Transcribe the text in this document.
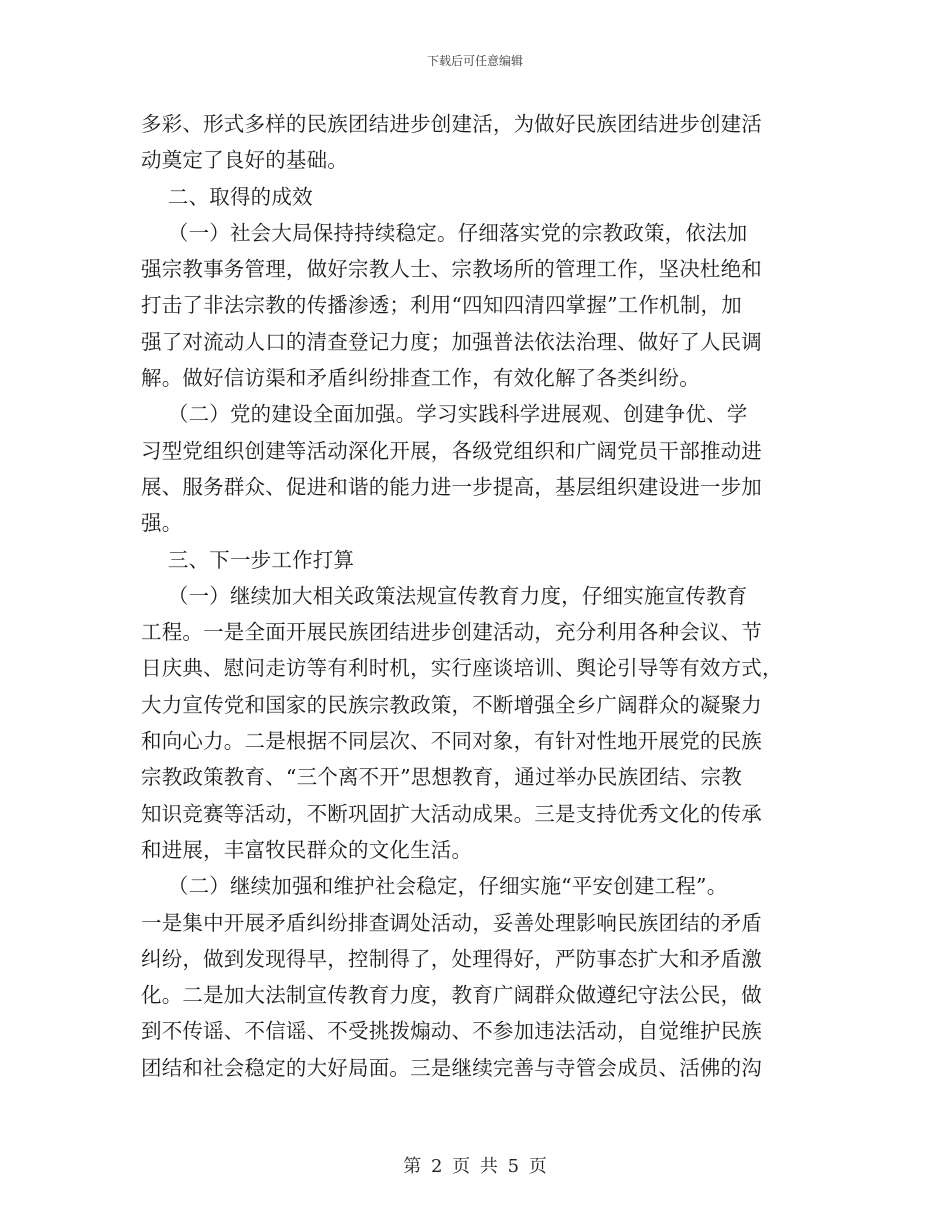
下载后可任意编辑
多彩、形式多样的民族团结进步创建活，为做好民族团结进步创建活
动奠定了良好的基础。
二、取得的成效
（一）社会大局保持持续稳定。仔细落实党的宗教政策，依法加
强宗教事务管理，做好宗教人士、宗教场所的管理工作，坚决杜绝和
打击了非法宗教的传播渗透；利用“四知四清四掌握”工作机制，加
强了对流动人口的清查登记力度；加强普法依法治理、做好了人民调
解。做好信访渠和矛盾纠纷排查工作，有效化解了各类纠纷。
（二）党的建设全面加强。学习实践科学进展观、创建争优、学
习型党组织创建等活动深化开展，各级党组织和广阔党员干部推动进
展、服务群众、促进和谐的能力进一步提高，基层组织建设进一步加
强。
三、下一步工作打算
（一）继续加大相关政策法规宣传教育力度，仔细实施宣传教育
工程。一是全面开展民族团结进步创建活动，充分利用各种会议、节
日庆典、慰问走访等有利时机，实行座谈培训、舆论引导等有效方式，
大力宣传党和国家的民族宗教政策，不断增强全乡广阔群众的凝聚力
和向心力。二是根据不同层次、不同对象，有针对性地开展党的民族
宗教政策教育、“三个离不开”思想教育，通过举办民族团结、宗教
知识竞赛等活动，不断巩固扩大活动成果。三是支持优秀文化的传承
和进展，丰富牧民群众的文化生活。
（二）继续加强和维护社会稳定，仔细实施“平安创建工程”。
一是集中开展矛盾纠纷排查调处活动，妥善处理影响民族团结的矛盾
纠纷，做到发现得早，控制得了，处理得好，严防事态扩大和矛盾激
化。二是加大法制宣传教育力度，教育广阔群众做遵纪守法公民，做
到不传谣、不信谣、不受挑拨煽动、不参加违法活动，自觉维护民族
团结和社会稳定的大好局面。三是继续完善与寺管会成员、活佛的沟
第 2 页 共 5 页
